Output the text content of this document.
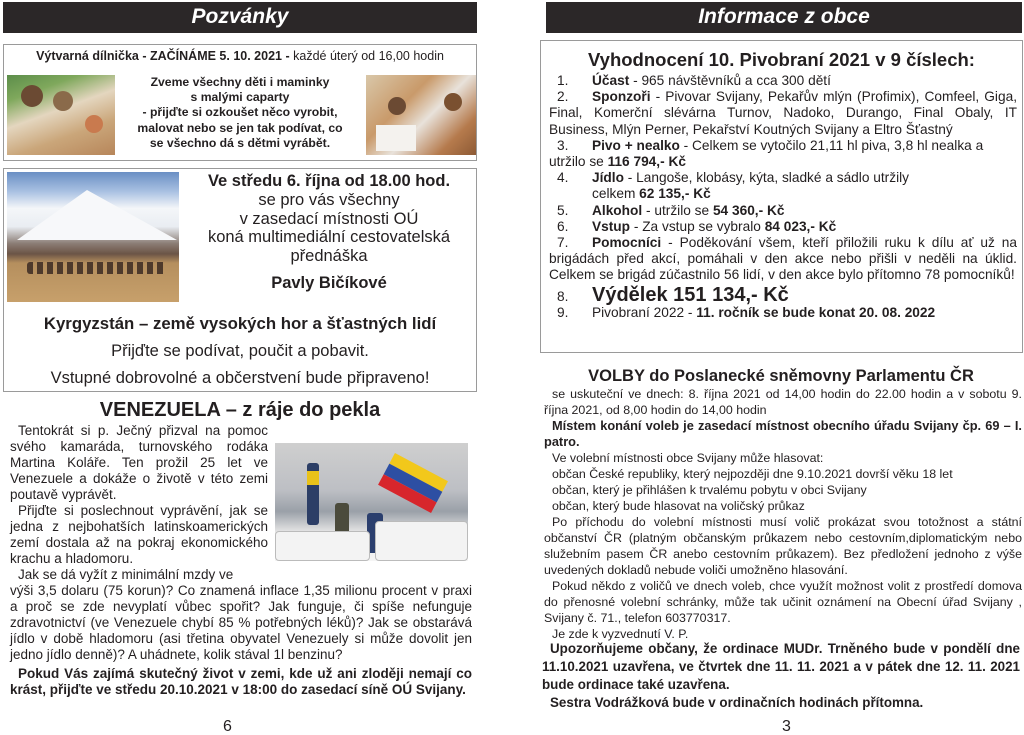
Pozvánky
Výtvarná dílnička - ZAČÍNÁME 5. 10. 2021 - každé úterý od 16,00 hodin
Zveme všechny děti i maminky
s malými caparty
- přijďte si ozkoušet něco vyrobit,
malovat nebo se jen tak podívat, co
se všechno dá s dětmi vyrábět.
Ve středu 6. října od 18.00 hod.
se pro vás všechny
v zasedací místnosti OÚ
koná multimediální cestovatelská
přednáška
Pavly Bičíkové
Kyrgyzstán – země vysokých hor a šťastných lidí
Přijďte se podívat, poučit a pobavit.
Vstupné dobrovolné a občerstvení bude připraveno!
VENEZUELA – z ráje do pekla
Tentokrát si p. Ječný přizval na pomoc svého kamaráda, turnovského rodáka Martina Koláře. Ten prožil 25 let ve Venezuele a dokáže o životě v této zemi poutavě vyprávět.
Přijďte si poslechnout vyprávění, jak se jedna z nejbohatších latinskoamerických zemí dostala až na pokraj ekonomického krachu a hladomoru.
Jak se dá vyžít z minimální mzdy ve
výši 3,5 dolaru (75 korun)? Co znamená inflace 1,35 milionu procent v praxi a proč se zde nevyplatí vůbec spořit? Jak funguje, či spíše nefunguje zdravotnictví (ve Venezuele chybí 85 % potřebných léků)? Jak se obstarává jídlo v době hladomoru (asi třetina obyvatel Venezuely si může dovolit jen jedno jídlo denně)? A uhádnete, kolik stával 1l benzinu?
Pokud Vás zajímá skutečný život v zemi, kde už ani zloději nemají co krást, přijďte ve středu 20.10.2021 v 18:00 do zasedací síně OÚ Svijany.
6
Informace z obce
Vyhodnocení 10. Pivobraní 2021 v 9 číslech:
1. Účast - 965 návštěvníků a cca 300 dětí
2. Sponzoři - Pivovar Svijany, Pekařův mlýn (Profimix), Comfeel, Giga, Final, Komerční slévárna Turnov, Nadoko, Durango, Final Obaly, IT Business, Mlýn Perner, Pekařství Koutných Svijany a Eltro Šťastný
3. Pivo + nealko - Celkem se vytočilo 21,11 hl piva, 3,8 hl nealka a utržilo se 116 794,- Kč
4. Jídlo - Langoše, klobásy, kýta, sladké a sádlo utržily
celkem 62 135,- Kč
5. Alkohol - utržilo se 54 360,- Kč
6. Vstup - Za vstup se vybralo 84 023,- Kč
7. Pomocníci - Poděkování všem, kteří přiložili ruku k dílu ať už na brigádách před akcí, pomáhali v den akce nebo přišli v neděli na úklid. Celkem se brigád zúčastnilo 56 lidí, v den akce bylo přítomno 78 pomocníků!
8. Výdělek 151 134,- Kč
9. Pivobraní 2022 - 11. ročník se bude konat 20. 08. 2022
VOLBY do Poslanecké sněmovny Parlamentu ČR
se uskuteční ve dnech: 8. října 2021 od 14,00 hodin do 22.00 hodin a v sobotu 9. října 2021, od 8,00 hodin do 14,00 hodin
Místem konání voleb je zasedací místnost obecního úřadu Svijany čp. 69 – I. patro.
Ve volební místnosti obce Svijany může hlasovat:
občan České republiky, který nejpozději dne 9.10.2021 dovrší věku 18 let
občan, který je přihlášen k trvalému pobytu v obci Svijany
občan, který bude hlasovat na voličský průkaz
Po příchodu do volební místnosti musí volič prokázat svou totožnost a státní občanství ČR (platným občanským průkazem nebo cestovním,diplomatickým nebo služebním pasem ČR anebo cestovním průkazem). Bez předložení jednoho z výše uvedených dokladů nebude voliči umožněno hlasování.
Pokud někdo z voličů ve dnech voleb, chce využít možnost volit z prostředí domova do přenosné volební schránky, může tak učinit oznámení na Obecní úřad Svijany , Svijany č. 71., telefon 603770317.
Je zde k vyzvednutí V. P.
Upozorňujeme občany, že ordinace MUDr. Trněného bude v pondělí dne 11.10.2021 uzavřena, ve čtvrtek dne 11. 11. 2021 a v pátek dne 12. 11. 2021 bude ordinace také uzavřena.
Sestra Vodrážková bude v ordinačních hodinách přítomna.
3
